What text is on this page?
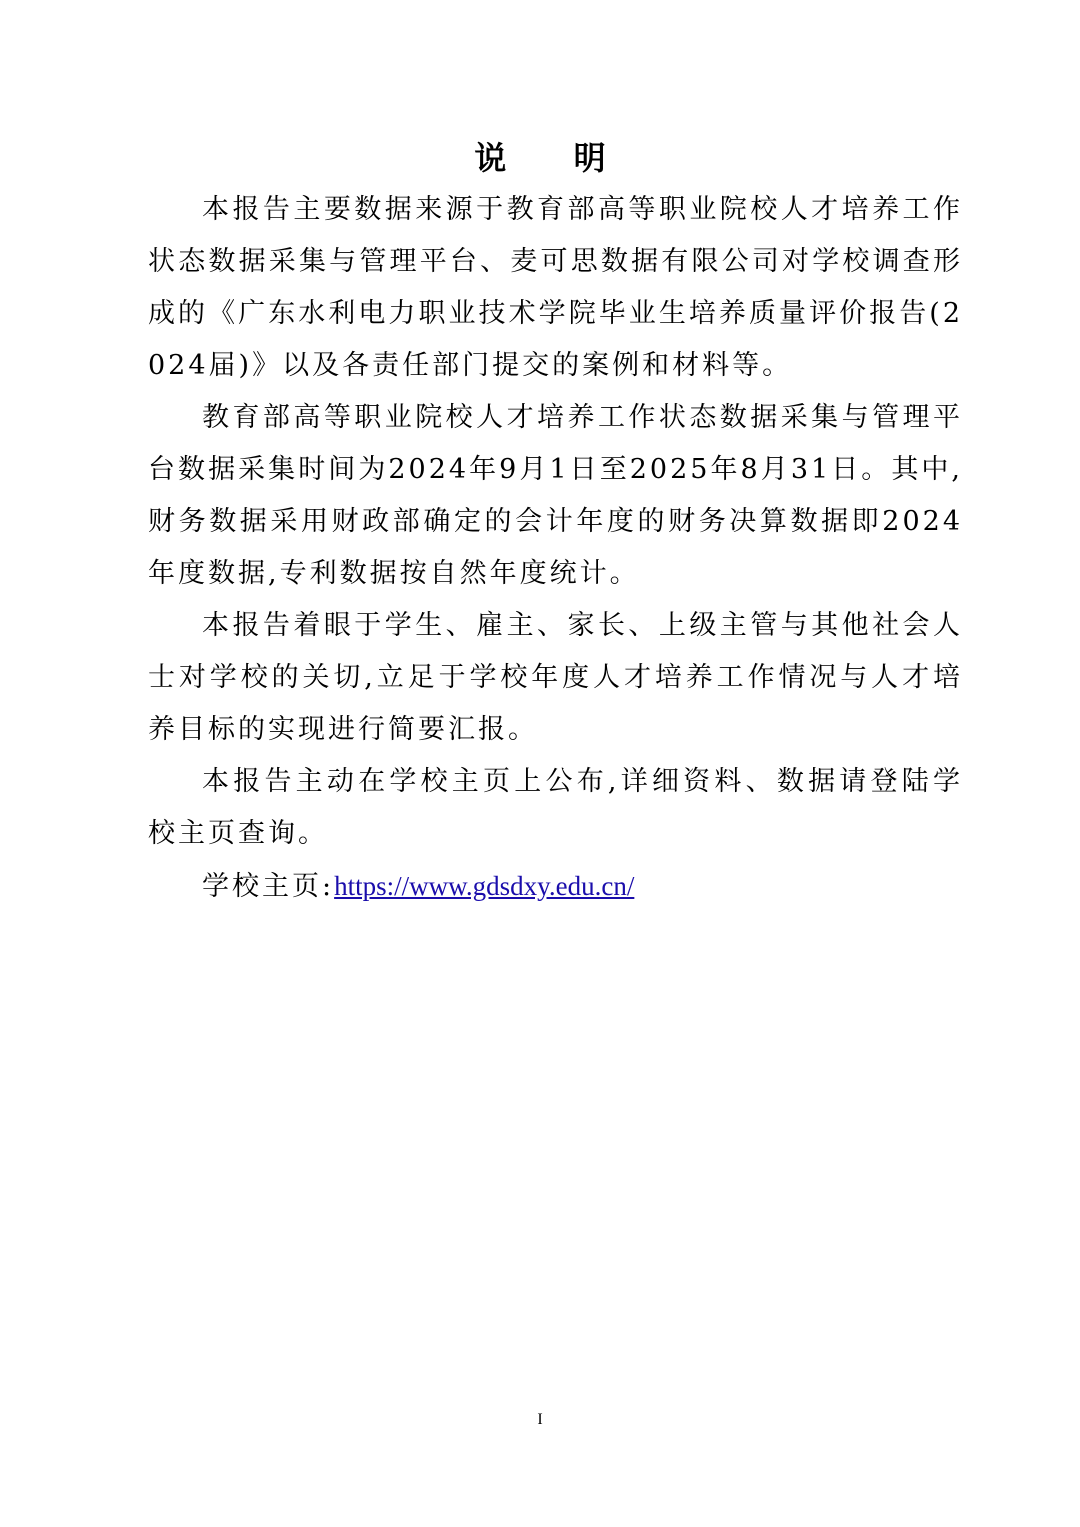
说 明

本报告主要数据来源于教育部高等职业院校人才培养工作状态数据采集与管理平台、麦可思数据有限公司对学校调查形成的《广东水利电力职业技术学院毕业生培养质量评价报告(2024届)》以及各责任部门提交的案例和材料等。

教育部高等职业院校人才培养工作状态数据采集与管理平台数据采集时间为2024年9月1日至2025年8月31日。其中,财务数据采用财政部确定的会计年度的财务决算数据即2024年度数据,专利数据按自然年度统计。

本报告着眼于学生、雇主、家长、上级主管与其他社会人士对学校的关切,立足于学校年度人才培养工作情况与人才培养目标的实现进行简要汇报。

本报告主动在学校主页上公布,详细资料、数据请登陆学校主页查询。

学校主页:https://www.gdsdxy.edu.cn/

I
